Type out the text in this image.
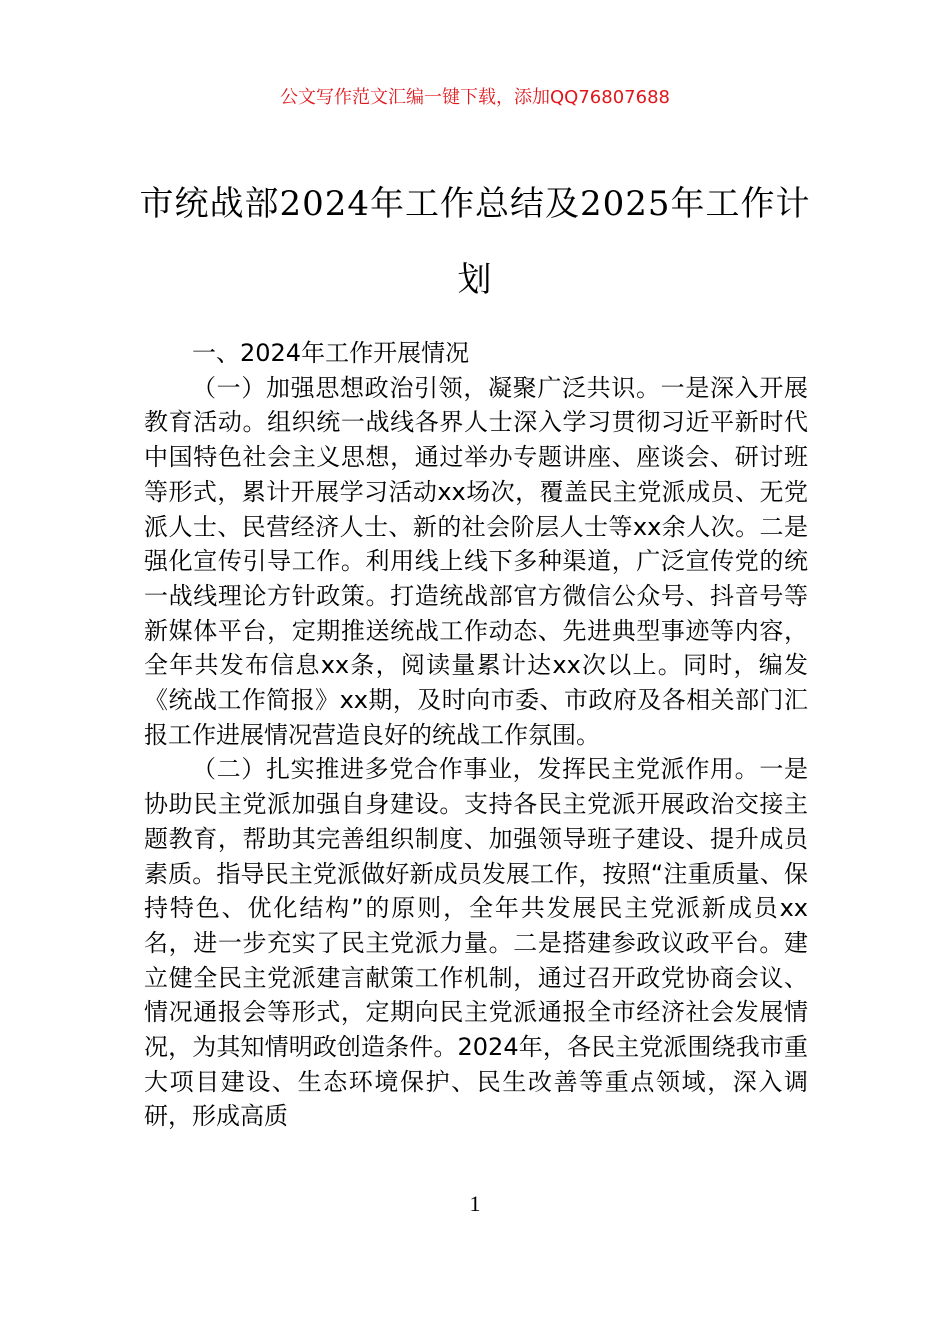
公文写作范文汇编一键下载，添加QQ76807688
市统战部2024年工作总结及2025年工作计划

一、2024年工作开展情况

（一）加强思想政治引领，凝聚广泛共识。一是深入开展教育活动。组织统一战线各界人士深入学习贯彻习近平新时代中国特色社会主义思想，通过举办专题讲座、座谈会、研讨班等形式，累计开展学习活动xx场次，覆盖民主党派成员、无党派人士、民营经济人士、新的社会阶层人士等xx余人次。二是强化宣传引导工作。利用线上线下多种渠道，广泛宣传党的统一战线理论方针政策。打造统战部官方微信公众号、抖音号等新媒体平台，定期推送统战工作动态、先进典型事迹等内容，全年共发布信息xx条，阅读量累计达xx次以上。同时，编发《统战工作简报》xx期，及时向市委、市政府及各相关部门汇报工作进展情况营造良好的统战工作氛围。

（二）扎实推进多党合作事业，发挥民主党派作用。一是协助民主党派加强自身建设。支持各民主党派开展政治交接主题教育，帮助其完善组织制度、加强领导班子建设、提升成员素质。指导民主党派做好新成员发展工作，按照“注重质量、保持特色、优化结构”的原则，全年共发展民主党派新成员xx名，进一步充实了民主党派力量。二是搭建参政议政平台。建立健全民主党派建言献策工作机制，通过召开政党协商会议、情况通报会等形式，定期向民主党派通报全市经济社会发展情况，为其知情明政创造条件。2024年，各民主党派围绕我市重大项目建设、生态环境保护、民生改善等重点领域，深入调研，形成高质

1
